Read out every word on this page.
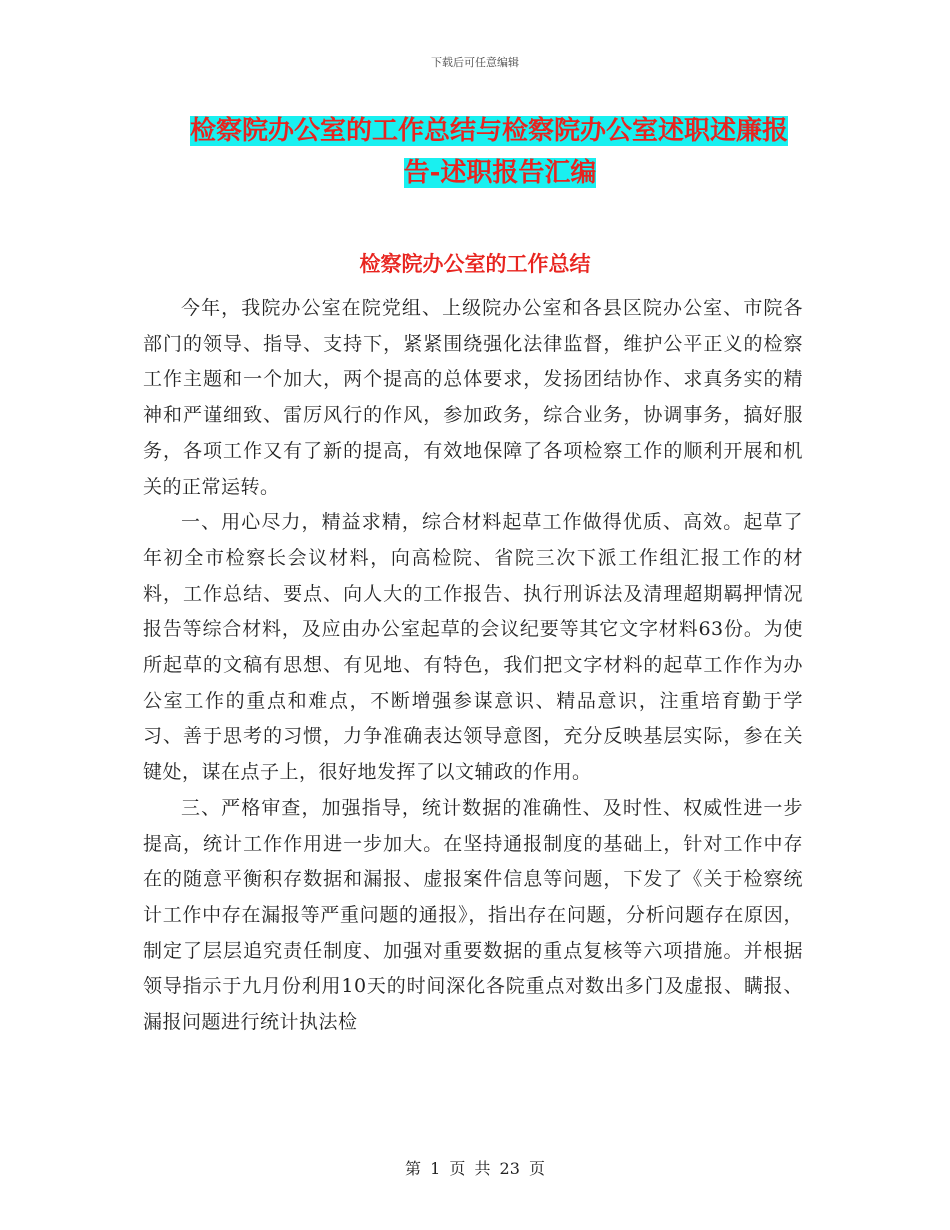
下载后可任意编辑
检察院办公室的工作总结与检察院办公室述职述廉报
告-述职报告汇编
检察院办公室的工作总结

今年，我院办公室在院党组、上级院办公室和各县区院办公室、市院各部门的领导、指导、支持下，紧紧围绕强化法律监督，维护公平正义的检察工作主题和一个加大，两个提高的总体要求，发扬团结协作、求真务实的精神和严谨细致、雷厉风行的作风，参加政务，综合业务，协调事务，搞好服务，各项工作又有了新的提高，有效地保障了各项检察工作的顺利开展和机关的正常运转。

一、用心尽力，精益求精，综合材料起草工作做得优质、高效。起草了年初全市检察长会议材料，向高检院、省院三次下派工作组汇报工作的材料，工作总结、要点、向人大的工作报告、执行刑诉法及清理超期羁押情况报告等综合材料，及应由办公室起草的会议纪要等其它文字材料63份。为使所起草的文稿有思想、有见地、有特色，我们把文字材料的起草工作作为办公室工作的重点和难点，不断增强参谋意识、精品意识，注重培育勤于学习、善于思考的习惯，力争准确表达领导意图，充分反映基层实际，参在关键处，谋在点子上，很好地发挥了以文辅政的作用。

三、严格审查，加强指导，统计数据的准确性、及时性、权威性进一步提高，统计工作作用进一步加大。在坚持通报制度的基础上，针对工作中存在的随意平衡积存数据和漏报、虚报案件信息等问题，下发了《关于检察统计工作中存在漏报等严重问题的通报》，指出存在问题，分析问题存在原因，制定了层层追究责任制度、加强对重要数据的重点复核等六项措施。并根据领导指示于九月份利用10天的时间深化各院重点对数出多门及虚报、瞒报、漏报问题进行统计执法检

第 1 页 共 23 页
